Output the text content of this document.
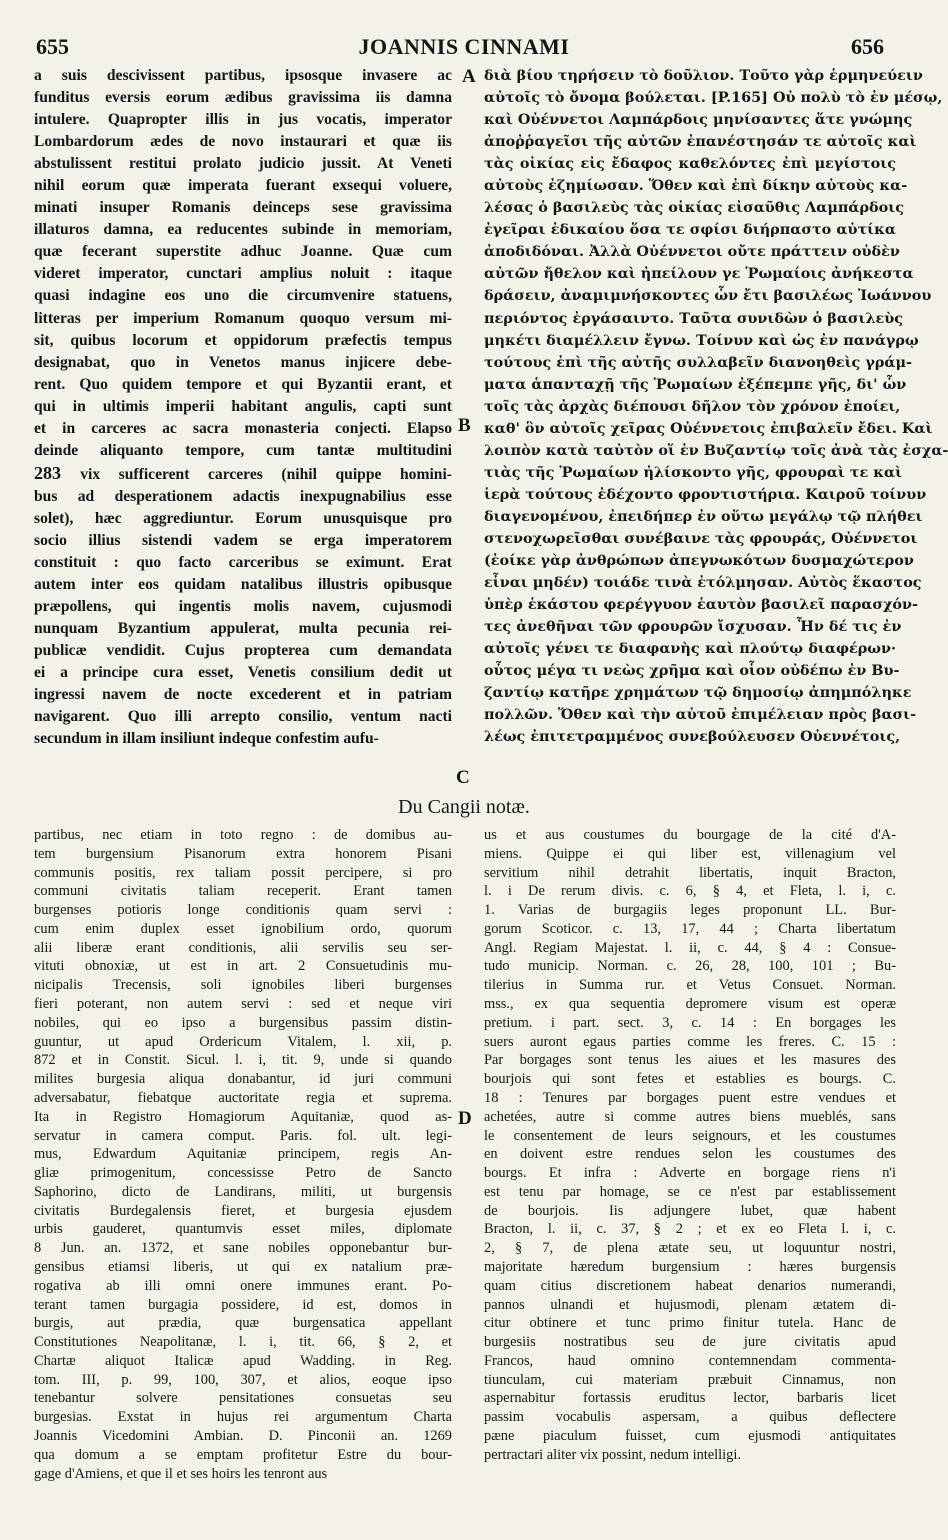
655	JOANNIS CINNAMI	656
a suis descivissent partibus, ipsosque invasere ac
funditus eversis eorum ædibus gravissima iis damna
intulere. Quapropter illis in jus vocatis, imperator
Lombardorum ædes de novo instaurari et quæ iis
abstulissent restitui prolato judicio jussit. At Veneti
nihil eorum quæ imperata fuerant exsequi voluere,
minati insuper Romanis deinceps sese gravissima
illaturos damna, ea reducentes subinde in memoriam,
quæ fecerant superstite adhuc Joanne. Quæ cum
videret imperator, cunctari amplius noluit : itaque
quasi indagine eos uno die circumvenire statuens,
litteras per imperium Romanum quoquo versum mi-
sit, quibus locorum et oppidorum præfectis tempus
designabat, quo in Venetos manus injicere debe-
rent. Quo quidem tempore et qui Byzantii erant, et
qui in ultimis imperii habitant angulis, capti sunt
et in carceres ac sacra monasteria conjecti. Elapso
deinde aliquanto tempore, cum tantæ multitudini
283 vix sufficerent carceres (nihil quippe homini-
bus ad desperationem adactis inexpugnabilius esse
solet), hæc aggrediuntur. Eorum unusquisque pro
socio illius sistendi vadem se erga imperatorem
constituit : quo facto carceribus se eximunt. Erat
autem inter eos quidam natalibus illustris opibusque
præpollens, qui ingentis molis navem, cujusmodi
nunquam Byzantium appulerat, multa pecunia rei-
publicæ vendidit. Cujus propterea cum demandata
ei a principe cura esset, Venetis consilium dedit ut
ingressi navem de nocte excederent et in patriam
navigarent. Quo illi arrepto consilio, ventum nacti
secundum in illam insiliunt indeque confestim aufu-
διὰ βίου τηρήσειν τὸ δοῦλιον. Τοῦτο γὰρ ἑρμηνεύειν
αὐτοῖς τὸ ὄνομα βούλεται. [P.165] Οὐ πολὺ τὸ ἐν μέσῳ,
καὶ Οὐέννετοι Λαμπάρδοις μηνίσαντες ἅτε γνώμης
ἀποῤῥαγεῖσι τῆς αὐτῶν ἐπανέστησάν τε αὐτοῖς καὶ
τὰς οἰκίας εἰς ἔδαφος καθελόντες ἐπὶ μεγίστοις
αὐτοὺς ἐζημίωσαν. Ὅθεν καὶ ἐπὶ δίκην αὐτοὺς κα-
λέσας ὁ βασιλεὺς τὰς οἰκίας εἰσαῦθις Λαμπάρδοις
ἐγεῖραι ἐδικαίου ὅσα τε σφίσι διήρπαστο αὐτίκα
ἀποδιδόναι. Ἀλλὰ Οὐέννετοι οὔτε πράττειν οὐδὲν
αὐτῶν ἤθελον καὶ ἠπείλουν γε Ῥωμαίοις ἀνήκεστα
δράσειν, ἀναμιμνήσκοντες ὧν ἔτι βασιλέως Ἰωάννου
περιόντος ἐργάσαιντο. Ταῦτα συνιδὼν ὁ βασιλεὺς
μηκέτι διαμέλλειν ἔγνω. Τοίνυν καὶ ὡς ἐν πανάγρῳ
τούτους ἐπὶ τῆς αὐτῆς συλλαβεῖν διανοηθεὶς γράμ-
ματα ἁπανταχῇ τῆς Ῥωμαίων ἐξέπεμπε γῆς, δι' ὧν
τοῖς τὰς ἀρχὰς διέπουσι δῆλον τὸν χρόνον ἐποίει,
καθ' ὃν αὐτοῖς χεῖρας Οὐέννετοις ἐπιβαλεῖν ἔδει. Καὶ
λοιπὸν κατὰ ταὐτὸν οἵ ἐν Βυζαντίῳ τοῖς ἀνὰ τὰς ἐσχα-
τιὰς τῆς Ῥωμαίων ἠλίσκοντο γῆς, φρουραὶ τε καὶ
ἱερὰ τούτους ἐδέχοντο φροντιστήρια. Καιροῦ τοίνυν
διαγενομένου, ἐπειδήπερ ἐν οὕτω μεγάλῳ τῷ πλήθει
στενοχωρεῖσθαι συνέβαινε τὰς φρουράς, Οὐέννετοι
(ἐοίκε γὰρ ἀνθρώπων ἀπεγνωκότων δυσμαχώτερον
εἶναι μηδέν) τοιάδε τινὰ ἐτόλμησαν. Αὐτὸς ἕκαστος
ὑπὲρ ἑκάστου φερέγγυον ἑαυτὸν βασιλεῖ παρασχόν-
τες ἀνεθῆναι τῶν φρουρῶν ἴσχυσαν. Ἦν δέ τις ἐν
αὐτοῖς γένει τε διαφανὴς καὶ πλούτῳ διαφέρων·
οὗτος μέγα τι νεὼς χρῆμα καὶ οἷον οὐδέπω ἐν Βυ-
ζαντίῳ κατῆρε χρημάτων τῷ δημοσίῳ ἀπημπόληκε
πολλῶν. Ὅθεν καὶ τὴν αὐτοῦ ἐπιμέλειαν πρὸς βασι-
λέως ἐπιτετραμμένος συνεβούλευσεν Οὐεννέτοις,
A
B
C
D
Du Cangii notæ.
partibus, nec etiam in toto regno : de domibus au-
tem burgensium Pisanorum extra honorem Pisani
communis positis, rex taliam possit percipere, si pro
communi civitatis taliam receperit. Erant tamen
burgenses potioris longe conditionis quam servi :
cum enim duplex esset ignobilium ordo, quorum
alii liberæ erant conditionis, alii servilis seu ser-
vituti obnoxiæ, ut est in art. 2 Consuetudinis mu-
nicipalis Trecensis, soli ignobiles liberi burgenses
fieri poterant, non autem servi : sed et neque viri
nobiles, qui eo ipso a burgensibus passim distin-
guuntur, ut apud Ordericum Vitalem, l. xii, p.
872 et in Constit. Sicul. l. i, tit. 9, unde si quando
milites burgesia aliqua donabantur, id juri communi
adversabatur, fiebatque auctoritate regia et suprema.
Ita in Registro Homagiorum Aquitaniæ, quod as-
servatur in camera comput. Paris. fol. ult. legi-
mus, Edwardum Aquitaniæ principem, regis An-
gliæ primogenitum, concessisse Petro de Sancto
Saphorino, dicto de Landirans, militi, ut burgensis
civitatis Burdegalensis fieret, et burgesia ejusdem
urbis gauderet, quantumvis esset miles, diplomate
8 Jun. an. 1372, et sane nobiles opponebantur bur-
gensibus etiamsi liberis, ut qui ex natalium præ-
rogativa ab illi omni onere immunes erant. Po-
terant tamen burgagia possidere, id est, domos in
burgis, aut prædia, quæ burgensatica appellant
Constitutiones Neapolitanæ, l. i, tit. 66, § 2, et
Chartæ aliquot Italicæ apud Wadding. in Reg.
tom. III, p. 99, 100, 307, et alios, eoque ipso
tenebantur solvere pensitationes consuetas seu
burgesias. Exstat in hujus rei argumentum Charta
Joannis Vicedomini Ambian. D. Pinconii an. 1269
qua domum a se emptam profitetur Estre du bour-
gage d'Amiens, et que il et ses hoirs les tenront aus
us et aus coustumes du bourgage de la cité d'A-
miens. Quippe ei qui liber est, villenagium vel
servitium nihil detrahit libertatis, inquit Bracton,
l. i De rerum divis. c. 6, § 4, et Fleta, l. i, c.
1. Varias de burgagiis leges proponunt LL. Bur-
gorum Scoticor. c. 13, 17, 44 ; Charta libertatum
Angl. Regiam Majestat. l. ii, c. 44, § 4 : Consue-
tudo municip. Norman. c. 26, 28, 100, 101 ; Bu-
tilerius in Summa rur. et Vetus Consuet. Norman.
mss., ex qua sequentia depromere visum est operæ
pretium. i part. sect. 3, c. 14 : En borgages les
suers auront egaus parties comme les freres. C. 15 :
Par borgages sont tenus les aiues et les masures des
bourjois qui sont fetes et establies es bourgs. C.
18 : Tenures par borgages puent estre vendues et
achetées, autre si comme autres biens mueblés, sans
le consentement de leurs seignours, et les coustumes
en doivent estre rendues selon les coustumes des
bourgs. Et infra : Adverte en borgage riens n'i
est tenu par homage, se ce n'est par establissement
de bourjois. Iis adjungere lubet, quæ habent
Bracton, l. ii, c. 37, § 2 ; et ex eo Fleta l. i, c.
2, § 7, de plena ætate seu, ut loquuntur nostri,
majoritate hæredum burgensium : hæres burgensis
quam citius discretionem habeat denarios numerandi,
pannos ulnandi et hujusmodi, plenam ætatem di-
citur obtinere et tunc primo finitur tutela. Hanc de
burgesiis nostratibus seu de jure civitatis apud
Francos, haud omnino contemnendam commenta-
tiunculam, cui materiam præbuit Cinnamus, non
aspernabitur fortassis eruditus lector, barbaris licet
passim vocabulis aspersam, a quibus deflectere
pæne piaculum fuisset, cum ejusmodi antiquitates
pertractari aliter vix possint, nedum intelligi.
